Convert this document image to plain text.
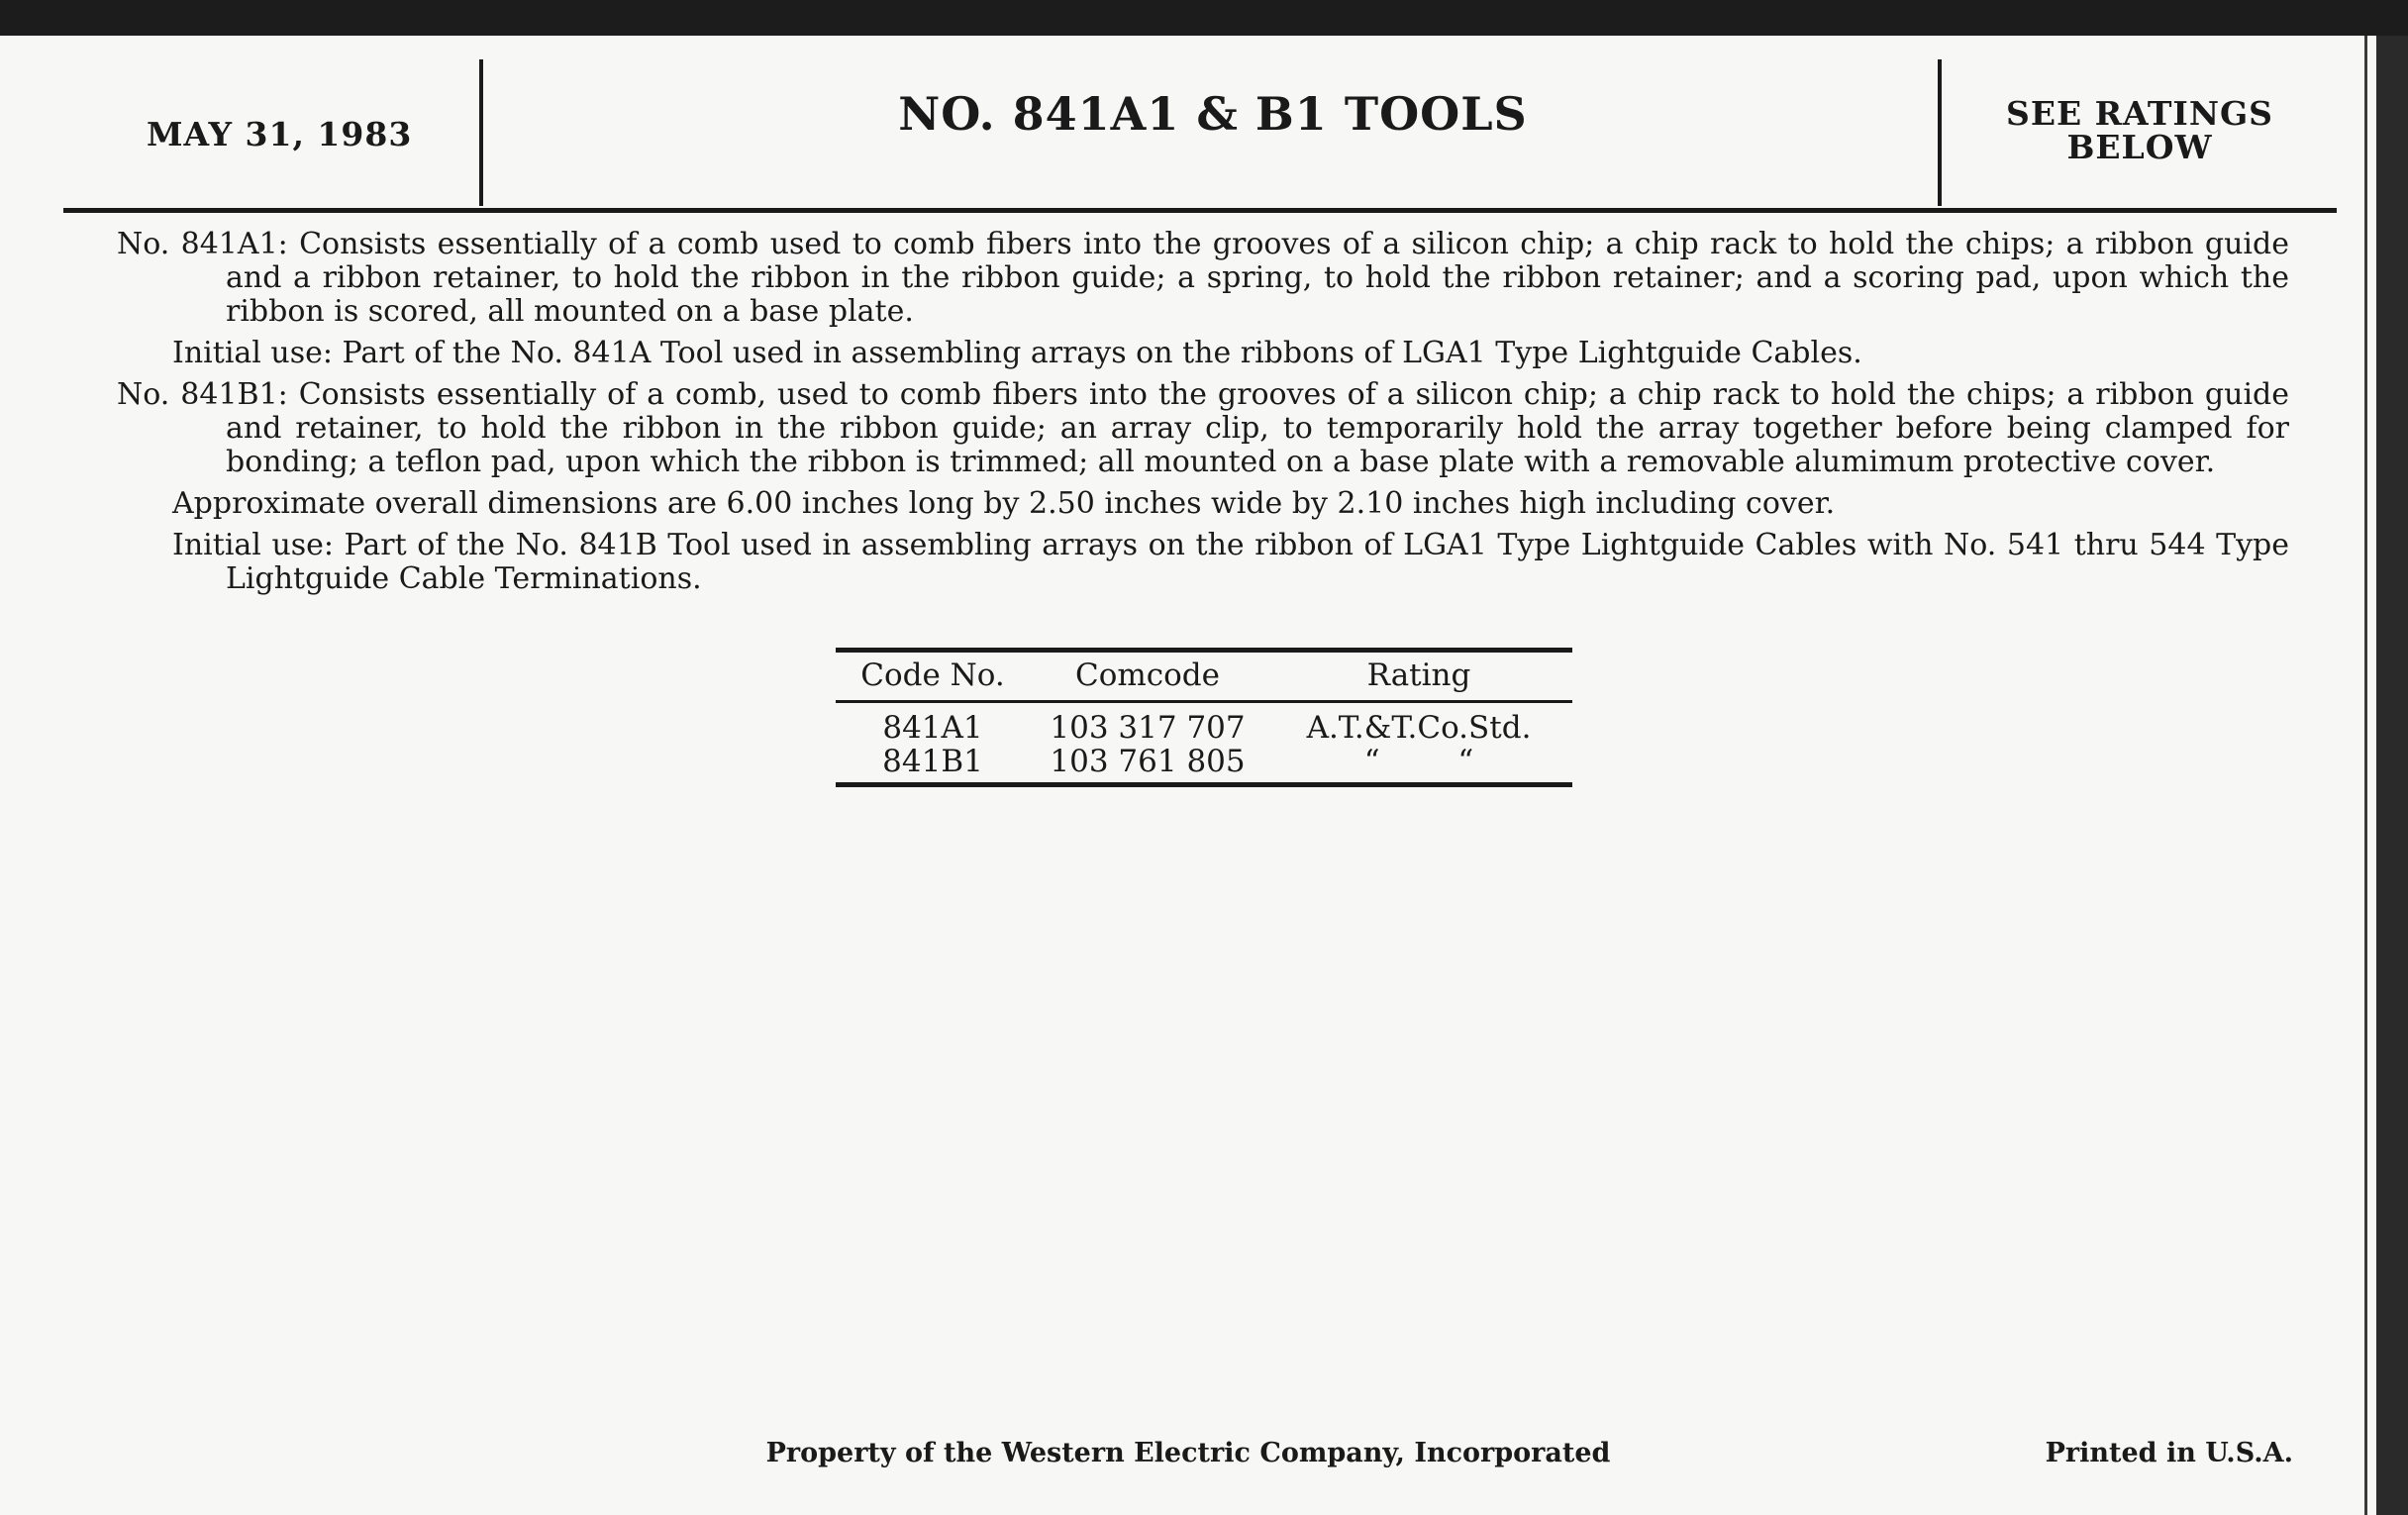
MAY 31, 1983	NO. 841A1 & B1 TOOLS	SEE RATINGS
BELOW

No. 841A1: Consists essentially of a comb used to comb fibers into the grooves of a silicon chip; a chip rack to hold the chips; a ribbon guide and a ribbon retainer, to hold the ribbon in the ribbon guide; a spring, to hold the ribbon retainer; and a scoring pad, upon which the ribbon is scored, all mounted on a base plate.

Initial use: Part of the No. 841A Tool used in assembling arrays on the ribbons of LGA1 Type Lightguide Cables.

No. 841B1: Consists essentially of a comb, used to comb fibers into the grooves of a silicon chip; a chip rack to hold the chips; a ribbon guide and retainer, to hold the ribbon in the ribbon guide; an array clip, to temporarily hold the array together before being clamped for bonding; a teflon pad, upon which the ribbon is trimmed; all mounted on a base plate with a removable alumimum protective cover.

Approximate overall dimensions are 6.00 inches long by 2.50 inches wide by 2.10 inches high including cover.

Initial use: Part of the No. 841B Tool used in assembling arrays on the ribbon of LGA1 Type Lightguide Cables with No. 541 thru 544 Type Lightguide Cable Terminations.

Code No.	Comcode	Rating
841A1	103 317 707	A.T.&T.Co.Std.
841B1	103 761 805	“        “
Property of the Western Electric Company, Incorporated	Printed in U.S.A.
